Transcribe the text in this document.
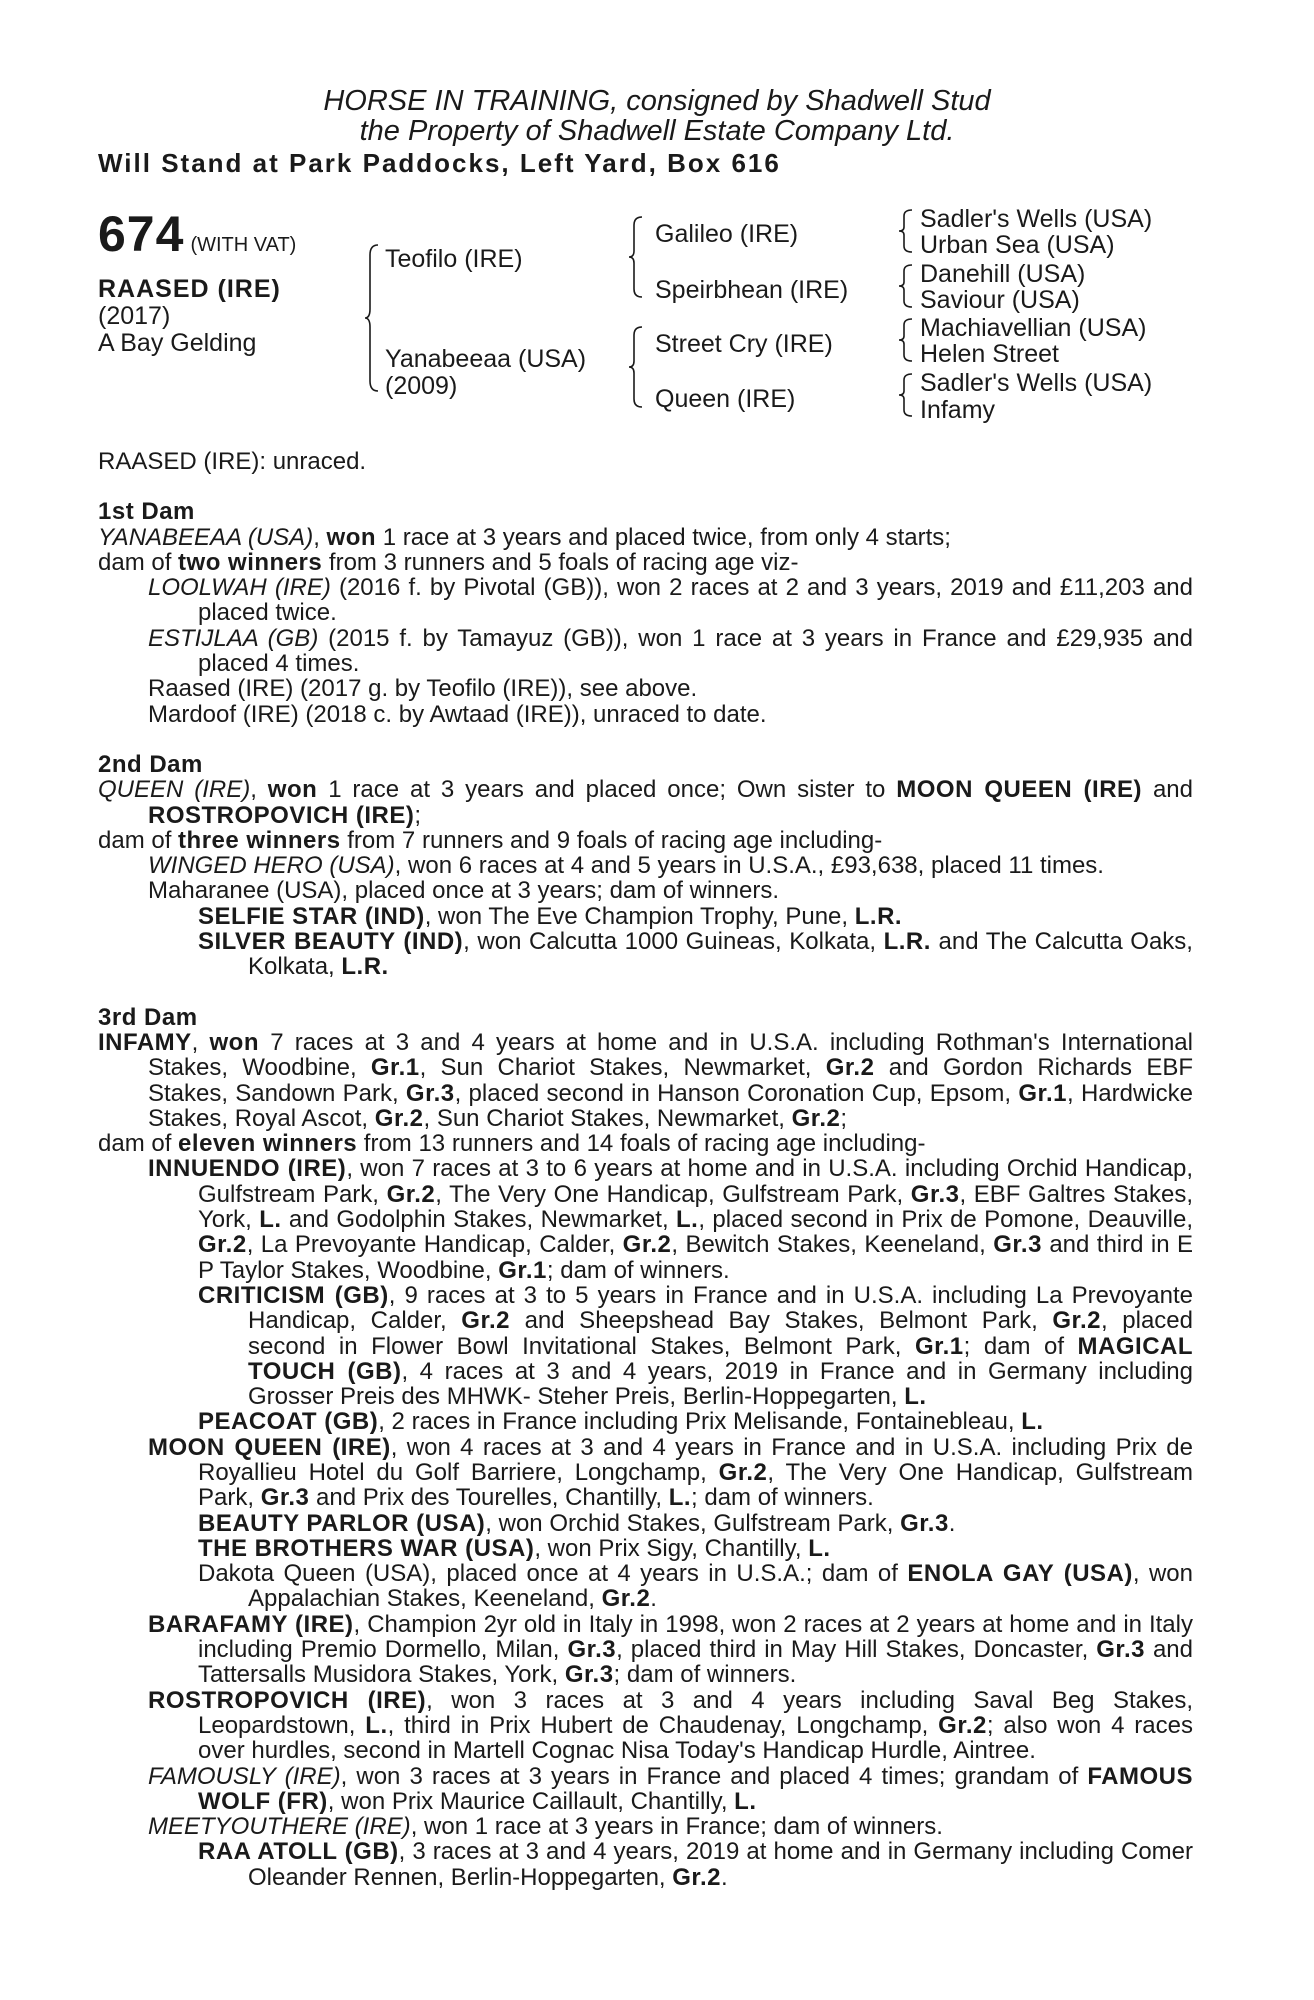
HORSE IN TRAINING, consigned by Shadwell Stud
the Property of Shadwell Estate Company Ltd.
Will Stand at Park Paddocks, Left Yard, Box 616
674 (WITH VAT)
RAASED (IRE)
(2017)
A Bay Gelding
Teofilo (IRE)
Yanabeeaa (USA)
(2009)
Galileo (IRE)
Speirbhean (IRE)
Street Cry (IRE)
Queen (IRE)
Sadler's Wells (USA)
Urban Sea (USA)
Danehill (USA)
Saviour (USA)
Machiavellian (USA)
Helen Street
Sadler's Wells (USA)
Infamy

RAASED (IRE): unraced.

1st Dam

YANABEEAA (USA), won 1 race at 3 years and placed twice, from only 4 starts;

dam of two winners from 3 runners and 5 foals of racing age viz-

LOOLWAH (IRE) (2016 f. by Pivotal (GB)), won 2 races at 2 and 3 years, 2019 and £11,203 and placed twice.

ESTIJLAA (GB) (2015 f. by Tamayuz (GB)), won 1 race at 3 years in France and £29,935 and placed 4 times.

Raased (IRE) (2017 g. by Teofilo (IRE)), see above.

Mardoof (IRE) (2018 c. by Awtaad (IRE)), unraced to date.

2nd Dam

QUEEN (IRE), won 1 race at 3 years and placed once; Own sister to MOON QUEEN (IRE) and ROSTROPOVICH (IRE);

dam of three winners from 7 runners and 9 foals of racing age including-

WINGED HERO (USA), won 6 races at 4 and 5 years in U.S.A., £93,638, placed 11 times.

Maharanee (USA), placed once at 3 years; dam of winners.

SELFIE STAR (IND), won The Eve Champion Trophy, Pune, L.R.

SILVER BEAUTY (IND), won Calcutta 1000 Guineas, Kolkata, L.R. and The Calcutta Oaks, Kolkata, L.R.

3rd Dam

INFAMY, won 7 races at 3 and 4 years at home and in U.S.A. including Rothman's International Stakes, Woodbine, Gr.1, Sun Chariot Stakes, Newmarket, Gr.2 and Gordon Richards EBF Stakes, Sandown Park, Gr.3, placed second in Hanson Coronation Cup, Epsom, Gr.1, Hardwicke Stakes, Royal Ascot, Gr.2, Sun Chariot Stakes, Newmarket, Gr.2;

dam of eleven winners from 13 runners and 14 foals of racing age including-

INNUENDO (IRE), won 7 races at 3 to 6 years at home and in U.S.A. including Orchid Handicap, Gulfstream Park, Gr.2, The Very One Handicap, Gulfstream Park, Gr.3, EBF Galtres Stakes, York, L. and Godolphin Stakes, Newmarket, L., placed second in Prix de Pomone, Deauville, Gr.2, La Prevoyante Handicap, Calder, Gr.2, Bewitch Stakes, Keeneland, Gr.3 and third in E P Taylor Stakes, Woodbine, Gr.1; dam of winners.

CRITICISM (GB), 9 races at 3 to 5 years in France and in U.S.A. including La Prevoyante Handicap, Calder, Gr.2 and Sheepshead Bay Stakes, Belmont Park, Gr.2, placed second in Flower Bowl Invitational Stakes, Belmont Park, Gr.1; dam of MAGICAL TOUCH (GB), 4 races at 3 and 4 years, 2019 in France and in Germany including Grosser Preis des MHWK- Steher Preis, Berlin-Hoppegarten, L.

PEACOAT (GB), 2 races in France including Prix Melisande, Fontainebleau, L.

MOON QUEEN (IRE), won 4 races at 3 and 4 years in France and in U.S.A. including Prix de Royallieu Hotel du Golf Barriere, Longchamp, Gr.2, The Very One Handicap, Gulfstream Park, Gr.3 and Prix des Tourelles, Chantilly, L.; dam of winners.

BEAUTY PARLOR (USA), won Orchid Stakes, Gulfstream Park, Gr.3.

THE BROTHERS WAR (USA), won Prix Sigy, Chantilly, L.

Dakota Queen (USA), placed once at 4 years in U.S.A.; dam of ENOLA GAY (USA), won Appalachian Stakes, Keeneland, Gr.2.

BARAFAMY (IRE), Champion 2yr old in Italy in 1998, won 2 races at 2 years at home and in Italy including Premio Dormello, Milan, Gr.3, placed third in May Hill Stakes, Doncaster, Gr.3 and Tattersalls Musidora Stakes, York, Gr.3; dam of winners.

ROSTROPOVICH (IRE), won 3 races at 3 and 4 years including Saval Beg Stakes, Leopardstown, L., third in Prix Hubert de Chaudenay, Longchamp, Gr.2; also won 4 races over hurdles, second in Martell Cognac Nisa Today's Handicap Hurdle, Aintree.

FAMOUSLY (IRE), won 3 races at 3 years in France and placed 4 times; grandam of FAMOUS WOLF (FR), won Prix Maurice Caillault, Chantilly, L.

MEETYOUTHERE (IRE), won 1 race at 3 years in France; dam of winners.

RAA ATOLL (GB), 3 races at 3 and 4 years, 2019 at home and in Germany including Comer Oleander Rennen, Berlin-Hoppegarten, Gr.2.
